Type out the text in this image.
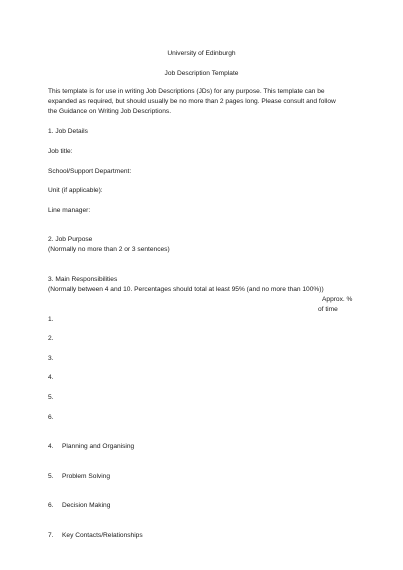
University of Edinburgh
Job Description Template
This template is for use in writing Job Descriptions (JDs) for any purpose. This template can be
expanded as required, but should usually be no more than 2 pages long. Please consult and follow
the Guidance on Writing Job Descriptions.
1. Job Details
Job title:
School/Support Department:
Unit (if applicable):
Line manager:
2. Job Purpose
(Normally no more than 2 or 3 sentences)
3. Main Responsibilities
(Normally between 4 and 10. Percentages should total at least 95% (and no more than 100%))
Approx. %
of time
1.
2.
3.
4.
5.
6.
4. Planning and Organising
5. Problem Solving
6. Decision Making
7. Key Contacts/Relationships
